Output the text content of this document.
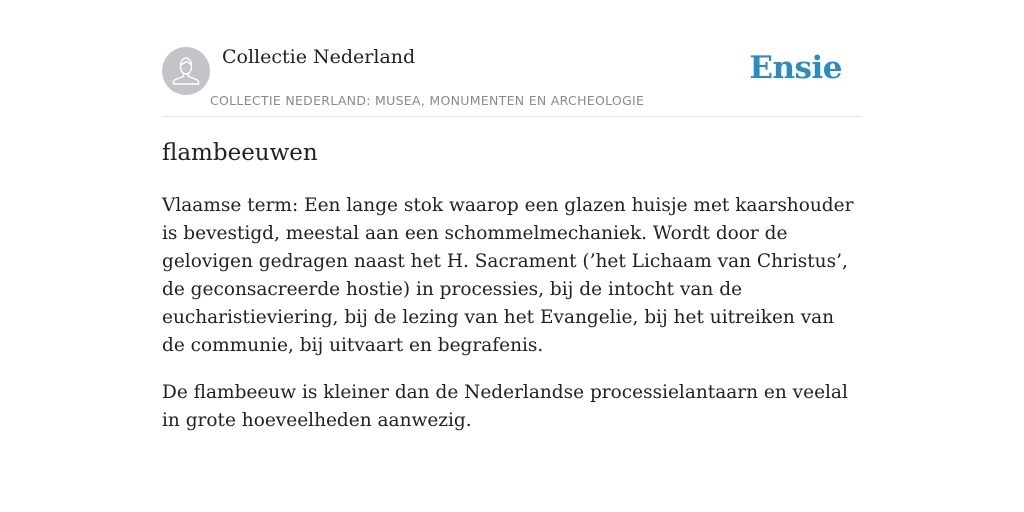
Collectie Nederland
COLLECTIE NEDERLAND: MUSEA, MONUMENTEN EN ARCHEOLOGIE
Ensie
flambeeuwen

Vlaamse term: Een lange stok waarop een glazen huisje met kaarshouder is bevestigd, meestal aan een schommelmechaniek. Wordt door de gelovigen gedragen naast het H. Sacrament (’het Lichaam van Christus’, de geconsacreerde hostie) in processies, bij de intocht van de eucharistieviering, bij de lezing van het Evangelie, bij het uitreiken van de communie, bij uitvaart en begrafenis.

De flambeeuw is kleiner dan de Nederlandse processielantaarn en veelal in grote hoeveelheden aanwezig.
